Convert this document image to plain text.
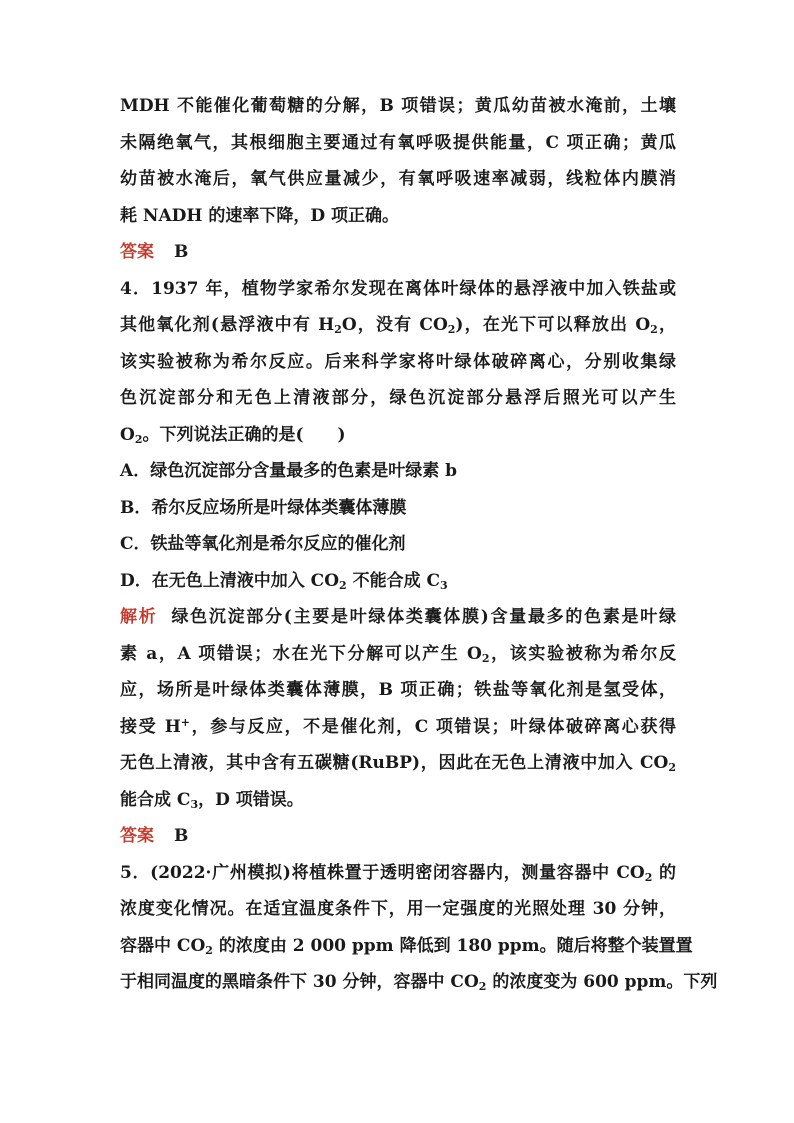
MDH 不能催化葡萄糖的分解，B 项错误；黄瓜幼苗被水淹前，土壤
未隔绝氧气，其根细胞主要通过有氧呼吸提供能量，C 项正确；黄瓜
幼苗被水淹后，氧气供应量减少，有氧呼吸速率减弱，线粒体内膜消
耗 NADH 的速率下降，D 项正确。
答案 B
4．1937 年，植物学家希尔发现在离体叶绿体的悬浮液中加入铁盐或
其他氧化剂(悬浮液中有 $H_2O$，没有 $CO_2$)，在光下可以释放出 $O_2$，
该实验被称为希尔反应。后来科学家将叶绿体破碎离心，分别收集绿
色沉淀部分和无色上清液部分，绿色沉淀部分悬浮后照光可以产生
$O_2$。下列说法正确的是(　　)
A．绿色沉淀部分含量最多的色素是叶绿素 b
B．希尔反应场所是叶绿体类囊体薄膜
C．铁盐等氧化剂是希尔反应的催化剂
D．在无色上清液中加入 $CO_2$ 不能合成 $C_3$
解析 绿色沉淀部分(主要是叶绿体类囊体膜)含量最多的色素是叶绿
素 a，A 项错误；水在光下分解可以产生 $O_2$，该实验被称为希尔反
应，场所是叶绿体类囊体薄膜，B 项正确；铁盐等氧化剂是氢受体，
接受 H+，参与反应，不是催化剂，C 项错误；叶绿体破碎离心获得
无色上清液，其中含有五碳糖(RuBP)，因此在无色上清液中加入 $CO_2$
能合成 $C_3$，D 项错误。
答案 B
5．(2022·广州模拟)将植株置于透明密闭容器内，测量容器中 $CO_2$ 的
浓度变化情况。在适宜温度条件下，用一定强度的光照处理 30 分钟，
容器中 $CO_2$ 的浓度由 2 000 ppm 降低到 180 ppm。随后将整个装置置
于相同温度的黑暗条件下 30 分钟，容器中 $CO_2$ 的浓度变为 600 ppm。下列
